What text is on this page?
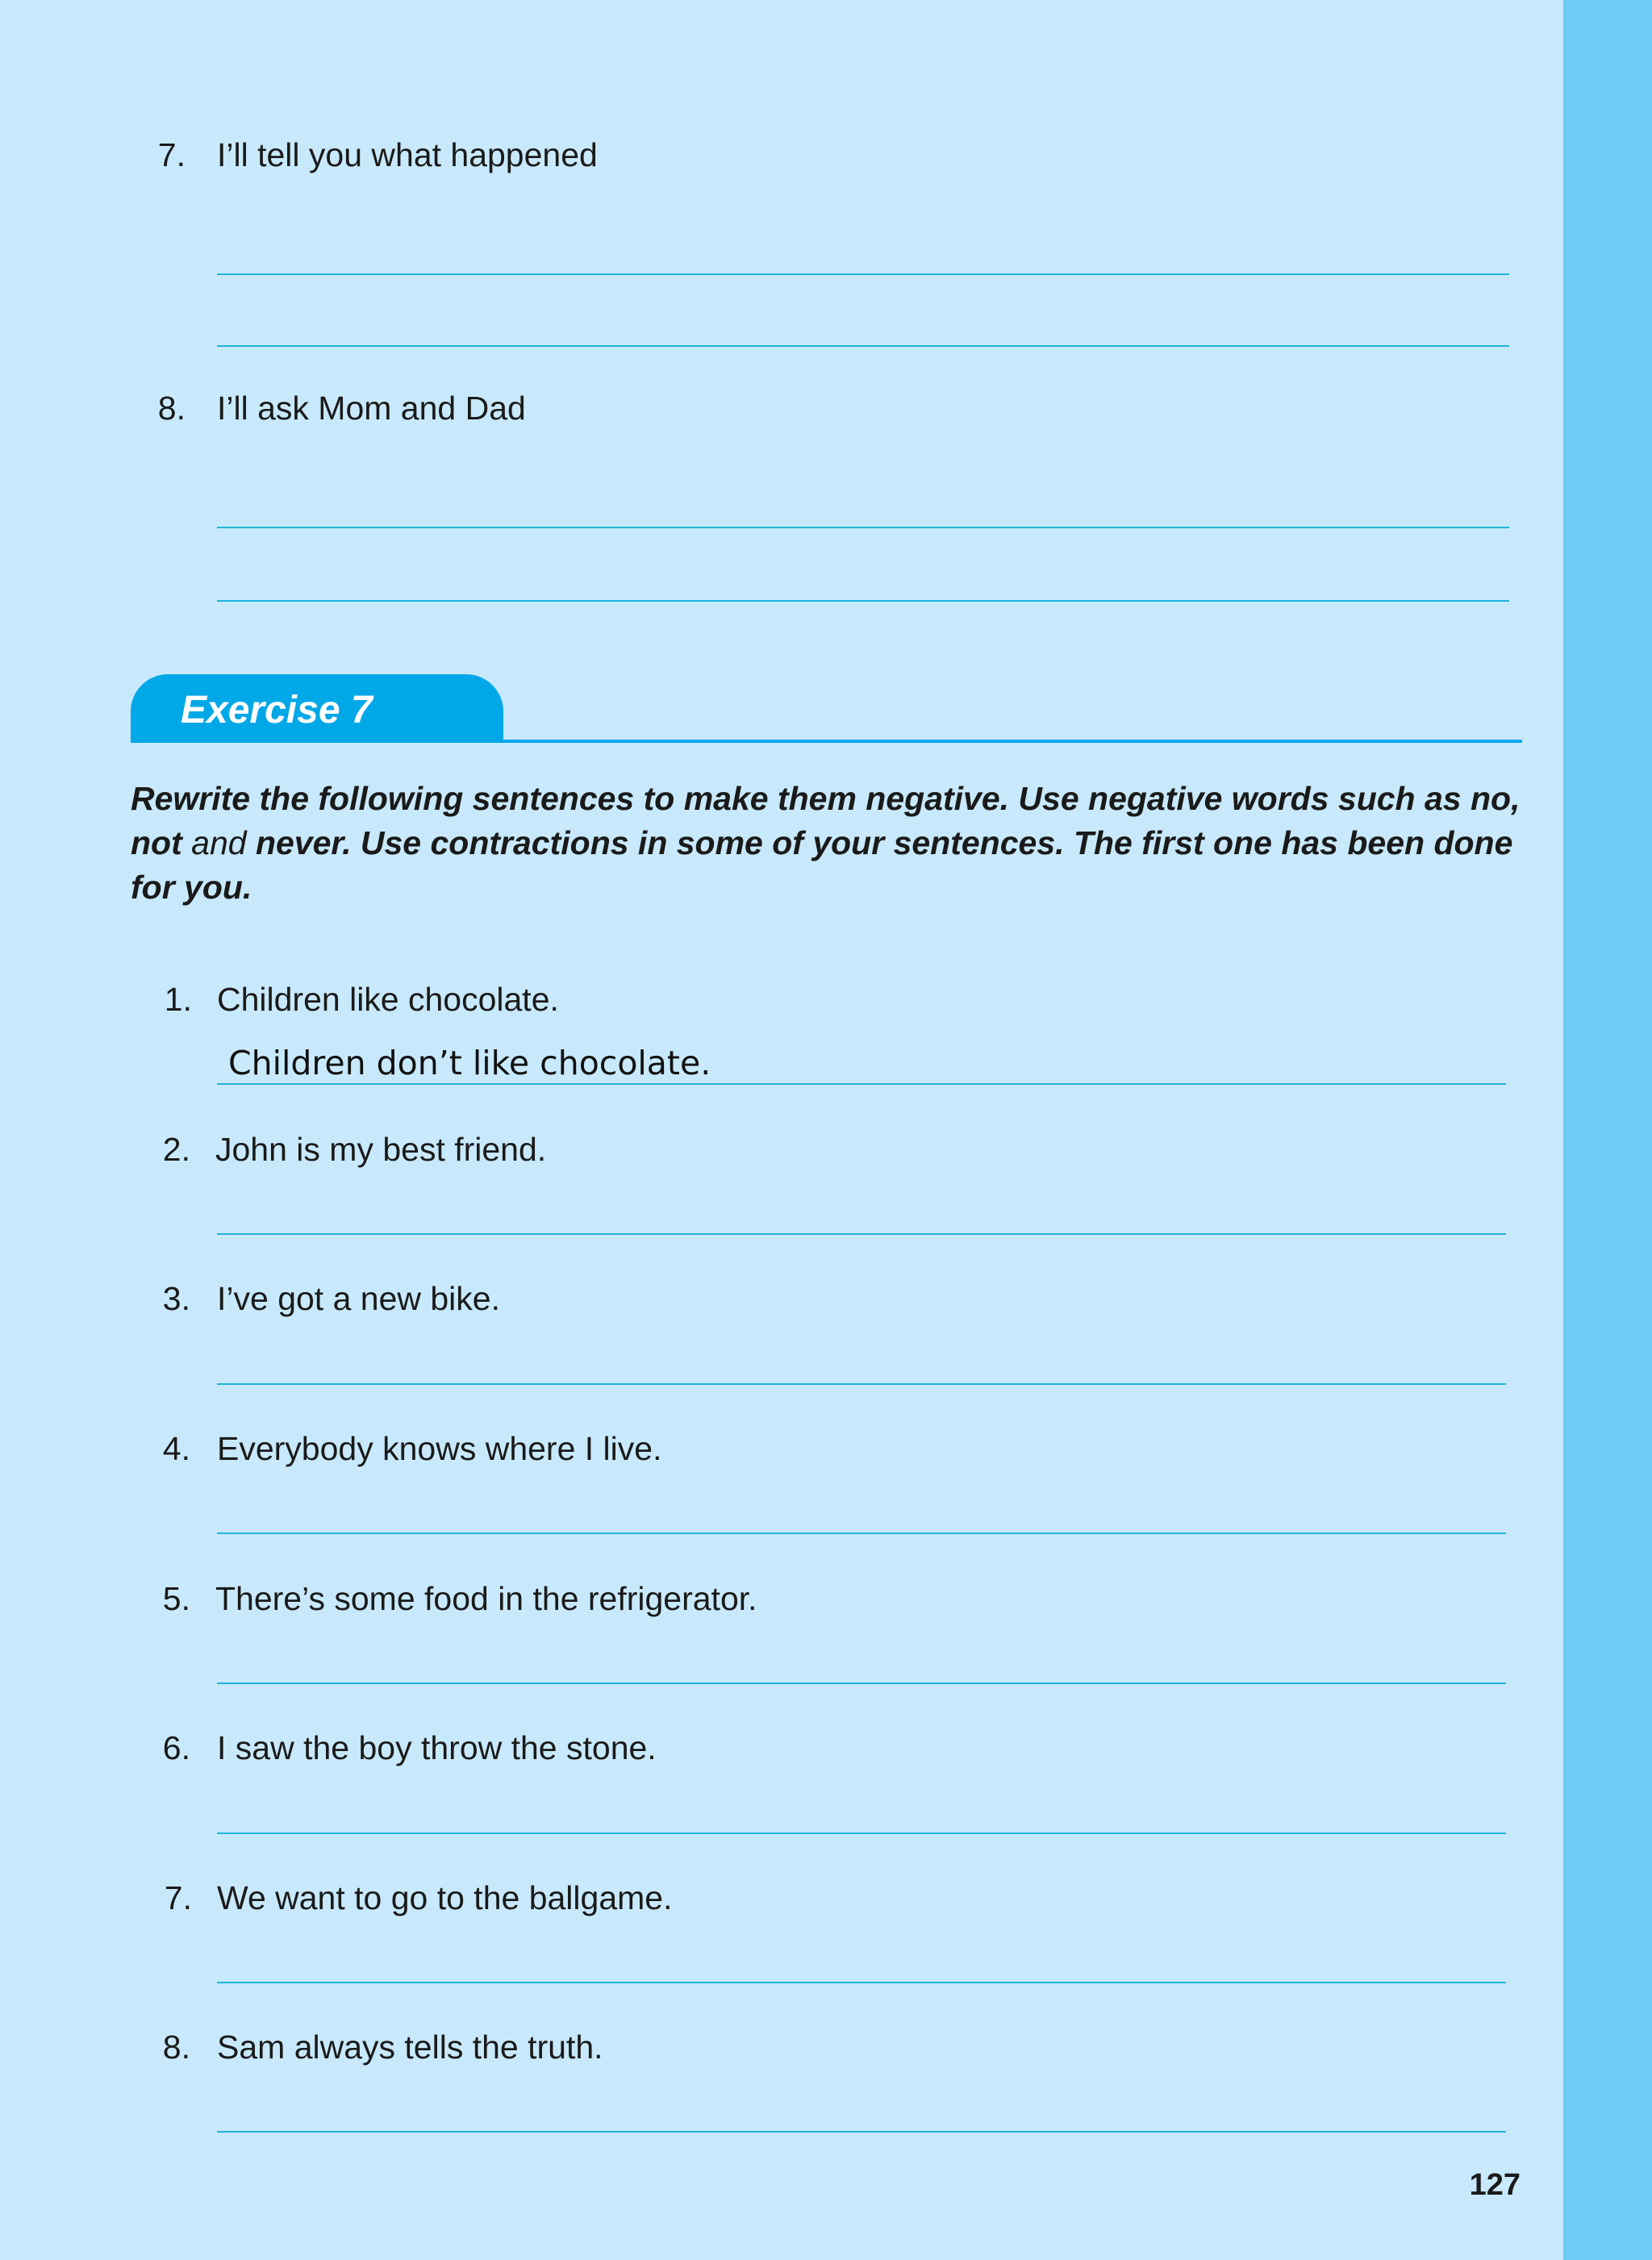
7. I’ll tell you what happened
8. I’ll ask Mom and Dad
Exercise 7
Rewrite the following sentences to make them negative. Use negative words such as no, not and never. Use contractions in some of your sentences. The first one has been done for you.
1. Children like chocolate.
Children don’t like chocolate.
2. John is my best friend.
3. I’ve got a new bike.
4. Everybody knows where I live.
5. There’s some food in the refrigerator.
6. I saw the boy throw the stone.
7. We want to go to the ballgame.
8. Sam always tells the truth.
127
